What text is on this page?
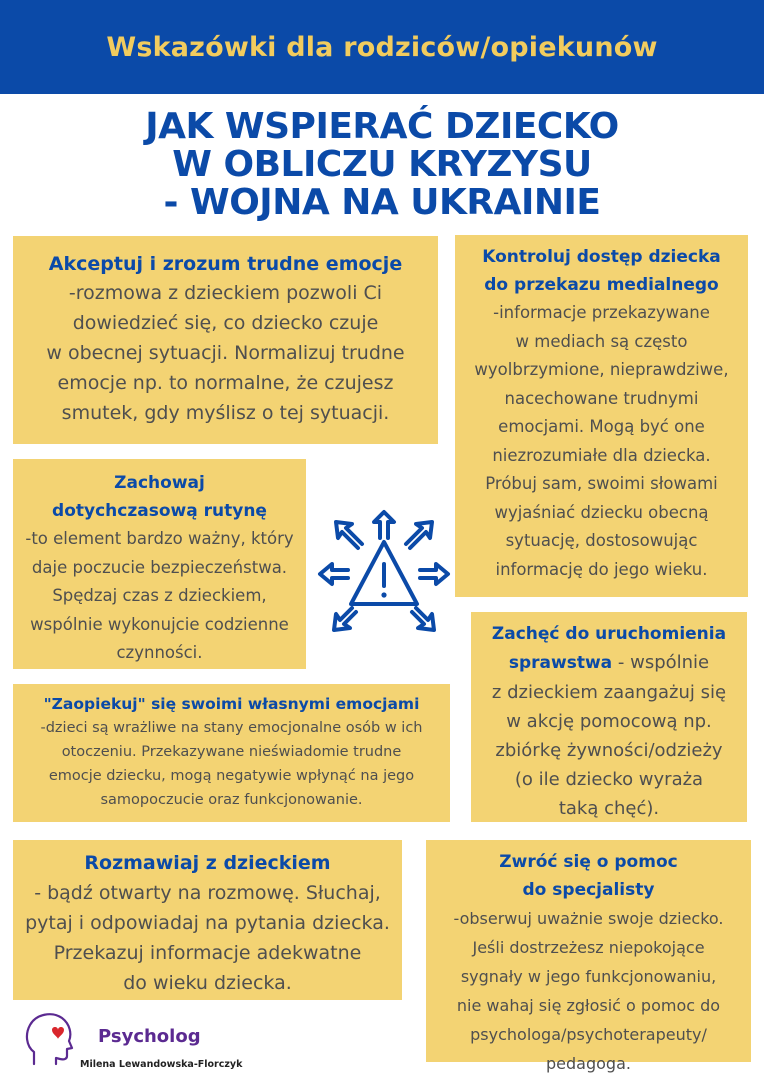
Wskazówki dla rodziców/opiekunów
JAK WSPIERAĆ DZIECKO
W OBLICZU KRYZYSU
- WOJNA NA UKRAINIE
Akceptuj i zrozum trudne emocje
-rozmowa z dzieckiem pozwoli Ci
dowiedzieć się, co dziecko czuje
w obecnej sytuacji. Normalizuj trudne
emocje np. to normalne, że czujesz
smutek, gdy myślisz o tej sytuacji.
Kontroluj dostęp dziecka
do przekazu medialnego
-informacje przekazywane
w mediach są często
wyolbrzymione, nieprawdziwe,
nacechowane trudnymi
emocjami. Mogą być one
niezrozumiałe dla dziecka.
Próbuj sam, swoimi słowami
wyjaśniać dziecku obecną
sytuację, dostosowując
informację do jego wieku.
Zachowaj
dotychczasową rutynę
-to element bardzo ważny, który
daje poczucie bezpieczeństwa.
Spędzaj czas z dzieckiem,
wspólnie wykonujcie codzienne
czynności.
Zachęć do uruchomienia
sprawstwa - wspólnie
z dzieckiem zaangażuj się
w akcję pomocową np.
zbiórkę żywności/odzieży
(o ile dziecko wyraża
taką chęć).
"Zaopiekuj" się swoimi własnymi emocjami
-dzieci są wrażliwe na stany emocjonalne osób w ich
otoczeniu. Przekazywane nieświadomie trudne
emocje dziecku, mogą negatywie wpłynąć na jego
samopoczucie oraz funkcjonowanie.
Rozmawiaj z dzieckiem
- bądź otwarty na rozmowę. Słuchaj,
pytaj i odpowiadaj na pytania dziecka.
Przekazuj informacje adekwatne
do wieku dziecka.
Zwróć się o pomoc
do specjalisty
-obserwuj uważnie swoje dziecko.
Jeśli dostrzeżesz niepokojące
sygnały w jego funkcjonowaniu,
nie wahaj się zgłosić o pomoc do
psychologa/psychoterapeuty/
pedagoga.
Psycholog
Milena Lewandowska-Florczyk
